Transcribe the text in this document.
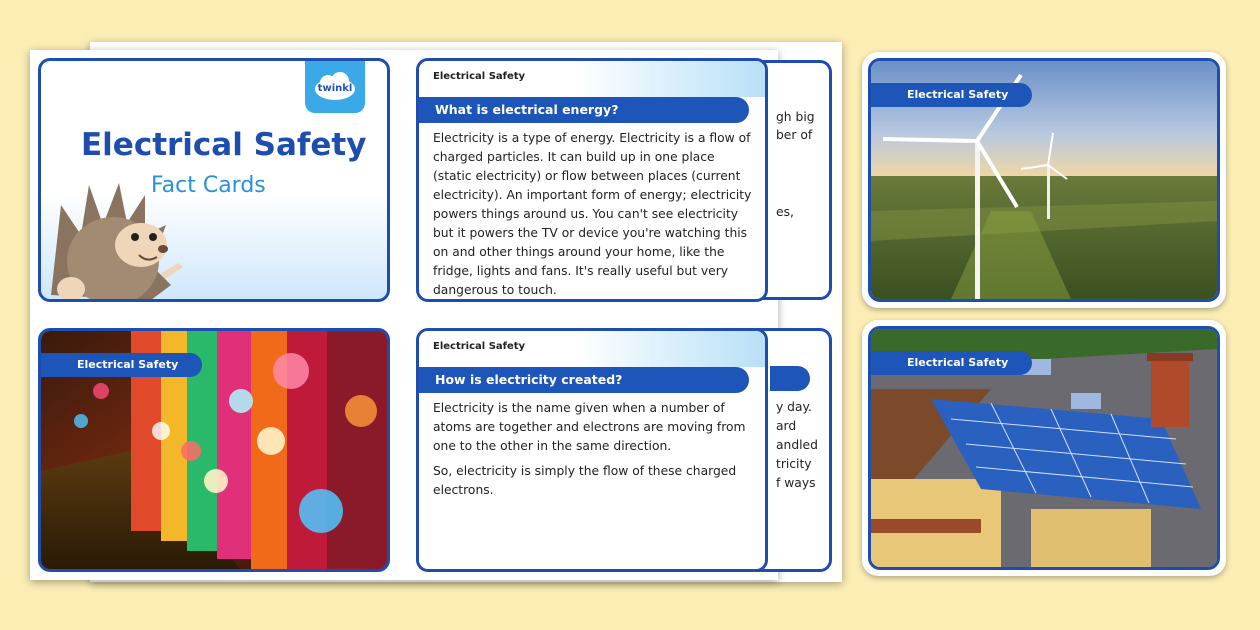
gh big
ber of
es,
y day.
ard
andled
tricity
f ways
twinkl
Electrical Safety
Fact Cards
Electrical Safety
What is electrical energy?

Electricity is a type of energy. Electricity is a flow of charged particles. It can build up in one place (static electricity) or flow between places (current electricity). An important form of energy; electricity powers things around us. You can't see electricity but it powers the TV or device you're watching this on and other things around your home, like the fridge, lights and fans. It's really useful but very dangerous to touch.

Electrical Safety
Electrical Safety
How is electricity created?

Electricity is the name given when a number of atoms are together and electrons are moving from one to the other in the same direction.

So, electricity is simply the flow of these charged electrons.

Electrical Safety
Electrical Safety
